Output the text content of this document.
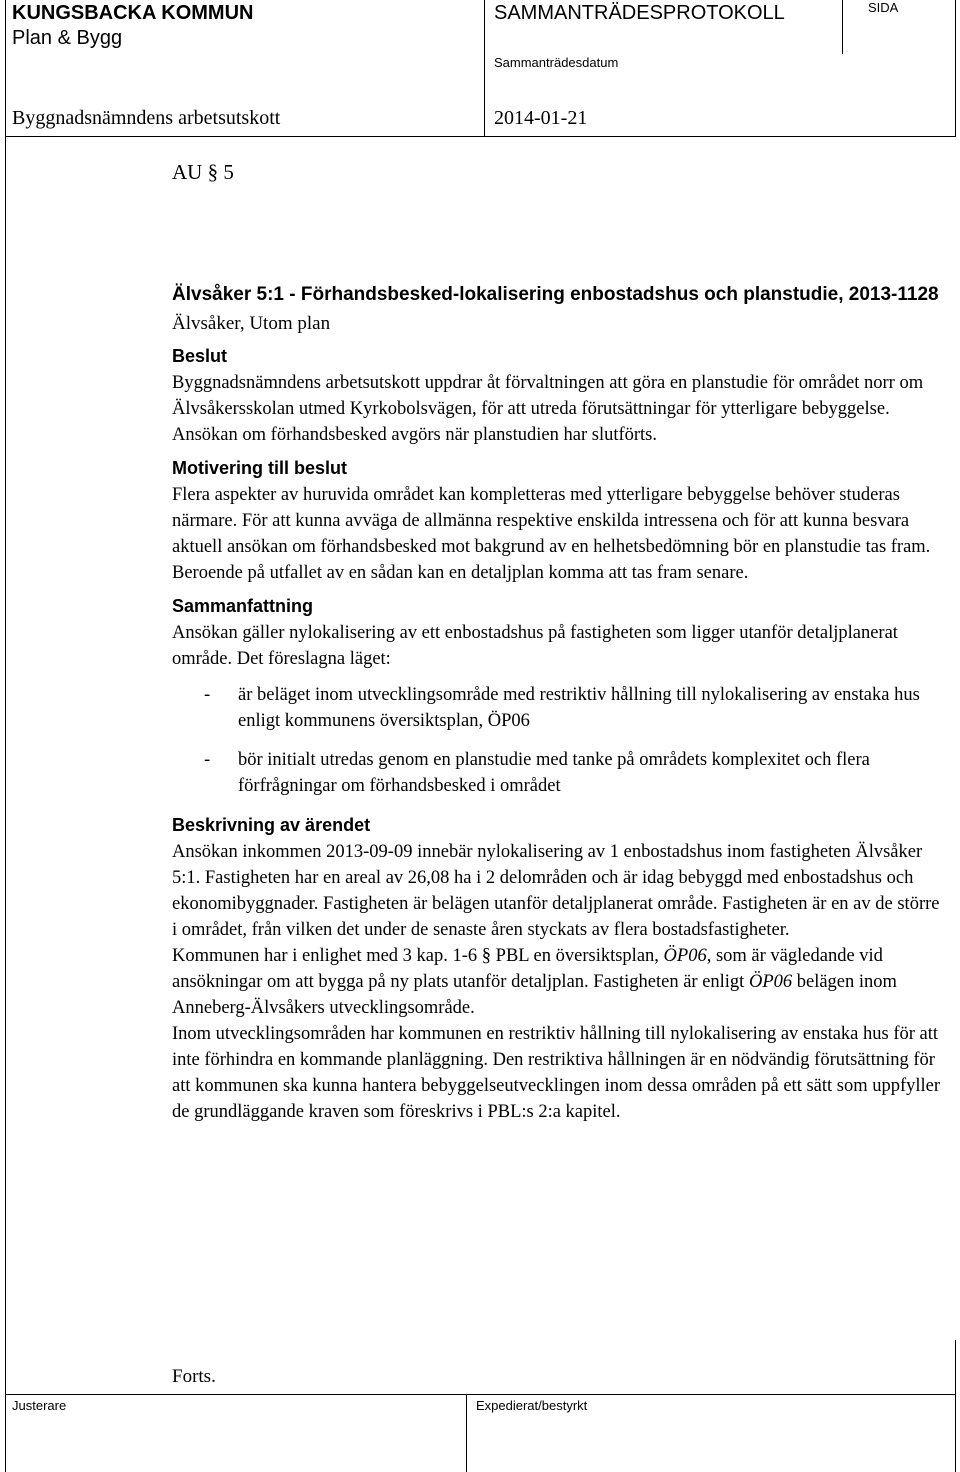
KUNGSBACKA KOMMUN
Plan & Bygg
SAMMANTRÄDESPROTOKOLL	SIDA
Sammanträdesdatum
Byggnadsnämndens arbetsutskott	2014-01-21
AU § 5
Älvsåker 5:1 - Förhandsbesked-lokalisering enbostadshus och planstudie, 2013-1128
Älvsåker, Utom plan
Beslut

Byggnadsnämndens arbetsutskott uppdrar åt förvaltningen att göra en planstudie för området norr om Älvsåkersskolan utmed Kyrkobolsvägen, för att utreda förutsättningar för ytterligare bebyggelse. Ansökan om förhandsbesked avgörs när planstudien har slutförts.

Motivering till beslut

Flera aspekter av huruvida området kan kompletteras med ytterligare bebyggelse behöver studeras närmare. För att kunna avväga de allmänna respektive enskilda intressena och för att kunna besvara aktuell ansökan om förhandsbesked mot bakgrund av en helhetsbedömning bör en planstudie tas fram. Beroende på utfallet av en sådan kan en detaljplan komma att tas fram senare.

Sammanfattning

Ansökan gäller nylokalisering av ett enbostadshus på fastigheten som ligger utanför detaljplanerat område. Det föreslagna läget:

-	är beläget inom utvecklingsområde med restriktiv hållning till nylokalisering av enstaka hus enligt kommunens översiktsplan, ÖP06
-	bör initialt utredas genom en planstudie med tanke på områdets komplexitet och flera förfrågningar om förhandsbesked i området
Beskrivning av ärendet

Ansökan inkommen 2013-09-09 innebär nylokalisering av 1 enbostadshus inom fastigheten Älvsåker 5:1. Fastigheten har en areal av 26,08 ha i 2 delområden och är idag bebyggd med enbostadshus och ekonomibyggnader. Fastigheten är belägen utanför detaljplanerat område. Fastigheten är en av de större i området, från vilken det under de senaste åren styckats av flera bostadsfastigheter.

Kommunen har i enlighet med 3 kap. 1-6 § PBL en översiktsplan, ÖP06, som är vägledande vid ansökningar om att bygga på ny plats utanför detaljplan. Fastigheten är enligt ÖP06 belägen inom Anneberg-Älvsåkers utvecklingsområde.

Inom utvecklingsområden har kommunen en restriktiv hållning till nylokalisering av enstaka hus för att inte förhindra en kommande planläggning. Den restriktiva hållningen är en nödvändig förutsättning för att kommunen ska kunna hantera bebyggelseutvecklingen inom dessa områden på ett sätt som uppfyller de grundläggande kraven som föreskrivs i PBL:s 2:a kapitel.

Forts.
Justerare	Expedierat/bestyrkt
